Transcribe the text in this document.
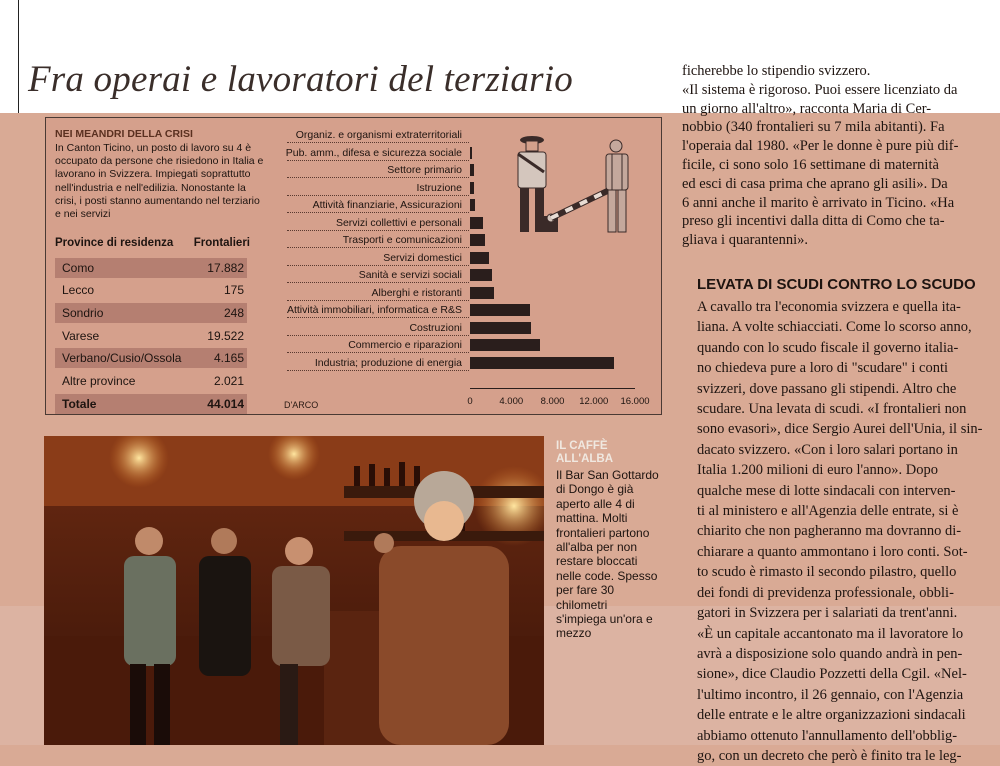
Fra operai e lavoratori del terziario

NEI MEANDRI DELLA CRISI

In Canton Ticino, un posto di lavoro su 4 è occupato da persone che risiedono in Italia e lavorano in Svizzera. Impiegati soprattutto nell'industria e nell'edilizia. Nonostante la crisi, i posti stanno aumentando nel terziario e nei servizi

Province di residenza Frontalieri
Como	17.882
Lecco	175
Sondrio	248
Varese	19.522
Verbano/Cusio/Ossola	4.165
Altre province	2.021
Totale	44.014	D'ARCO
Organiz. e organismi extraterritoriali
Pub. amm., difesa e sicurezza sociale
Settore primario
Istruzione
Attività finanziarie, Assicurazioni
Servizi collettivi e personali
Trasporti e comunicazioni
Servizi domestici
Sanità e servizi sociali
Alberghi e ristoranti
Attività immobiliari, informatica e R&S
Costruzioni
Commercio e riparazioni
Industria; produzione di energia
0	4.000 8.000 12.000 16.000

IL CAFFÈ ALL'ALBA

Il Bar San Gottardo di Dongo è già aperto alle 4 di mattina. Molti frontalieri partono all'alba per non restare bloccati nelle code. Spesso per fare 30 chilometri s'impiega un'ora e mezzo

ficherebbe lo stipendio svizzero.

«Il sistema è rigoroso. Puoi essere licenziato da

un giorno all'altro», racconta Maria di Cer-

nobbio (340 frontalieri su 7 mila abitanti). Fa

l'operaia dal 1980. «Per le donne è pure più dif-

ficile, ci sono solo 16 settimane di maternità

ed esci di casa prima che aprano gli asili». Da

6 anni anche il marito è arrivato in Ticino. «Ha

preso gli incentivi dalla ditta di Como che ta-

gliava i quarantenni».

LEVATA DI SCUDI CONTRO LO SCUDO

A cavallo tra l'economia svizzera e quella ita-

liana. A volte schiacciati. Come lo scorso anno,

quando con lo scudo fiscale il governo italia-

no chiedeva pure a loro di "scudare" i conti

svizzeri, dove passano gli stipendi. Altro che

scudare. Una levata di scudi. «I frontalieri non

sono evasori», dice Sergio Aurei dell'Unia, il sin-

dacato svizzero. «Con i loro salari portano in

Italia 1.200 milioni di euro l'anno». Dopo

qualche mese di lotte sindacali con interven-

ti al ministero e all'Agenzia delle entrate, si è

chiarito che non pagheranno ma dovranno di-

chiarare a quanto ammontano i loro conti. Sot-

to scudo è rimasto il secondo pilastro, quello

dei fondi di previdenza professionale, obbli-

gatori in Svizzera per i salariati da trent'anni.

«È un capitale accantonato ma il lavoratore lo

avrà a disposizione solo quando andrà in pen-

sione», dice Claudio Pozzetti della Cgil. «Nel-

l'ultimo incontro, il 26 gennaio, con l'Agenzia

delle entrate e le altre organizzazioni sindacali

abbiamo ottenuto l'annullamento dell'obblig-

go, con un decreto che però è finito tra le leg-
